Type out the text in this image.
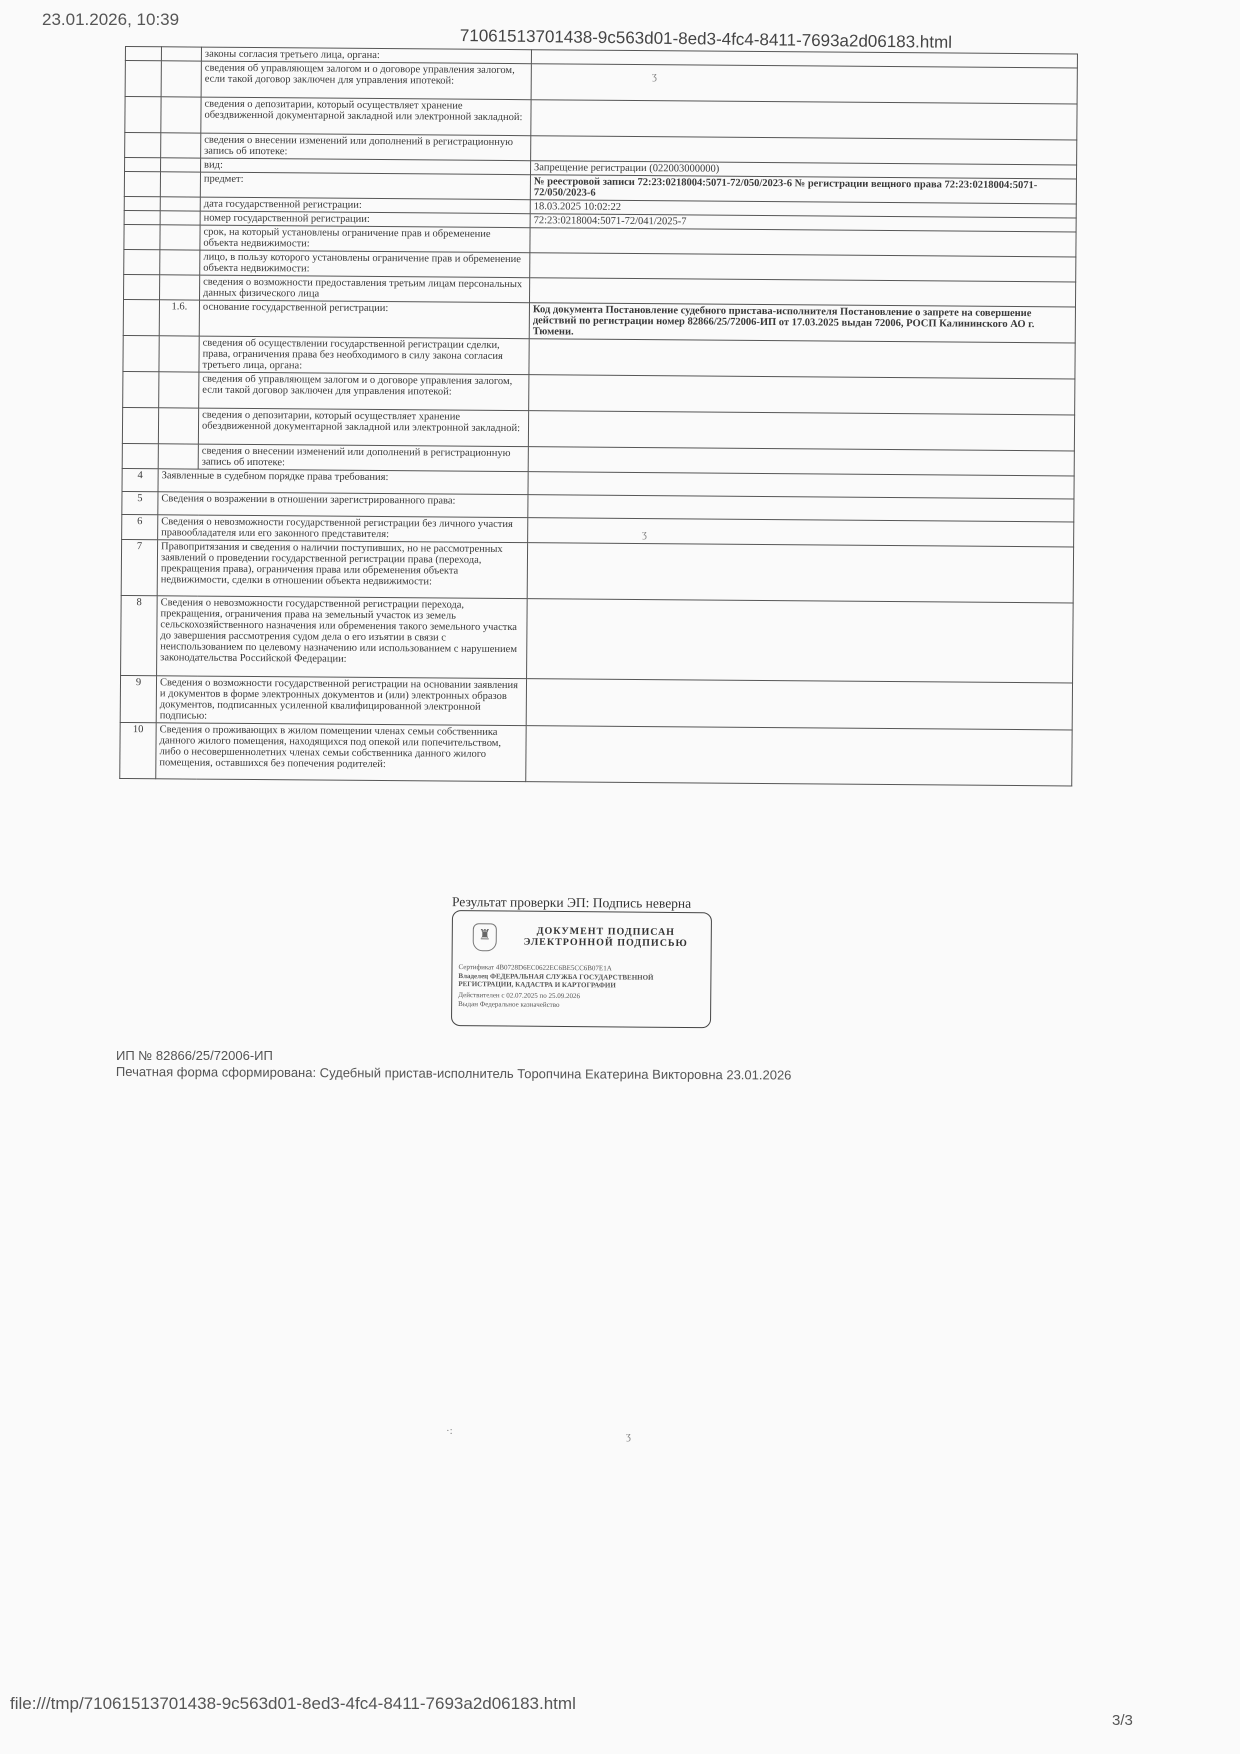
23.01.2026, 10:39
71061513701438-9c563d01-8ed3-4fc4-8411-7693a2d06183.html
		законы согласия третьего лица, органа:	
		сведения об управляющем залогом и о договоре управления залогом, если такой договор заключен для управления ипотекой:	
		сведения о депозитарии, который осуществляет хранение обездвиженной документарной закладной или электронной закладной:	
		сведения о внесении изменений или дополнений в регистрационную запись об ипотеке:	
		вид:	Запрещение регистрации (022003000000)
		предмет:	№ реестровой записи 72:23:0218004:5071-72/050/2023-6 № регистрации вещного права 72:23:0218004:5071-72/050/2023-6
		дата государственной регистрации:	18.03.2025 10:02:22
		номер государственной регистрации:	72:23:0218004:5071-72/041/2025-7
		срок, на который установлены ограничение прав и обременение объекта недвижимости:	
		лицо, в пользу которого установлены ограничение прав и обременение объекта недвижимости:	
		сведения о возможности предоставления третьим лицам персональных данных физического лица	
	1.6.	основание государственной регистрации:	Код документа Постановление судебного пристава-исполнителя Постановление о запрете на совершение действий по регистрации номер 82866/25/72006-ИП от 17.03.2025 выдан 72006, РОСП Калининского АО г. Тюмени.
		сведения об осуществлении государственной регистрации сделки, права, ограничения права без необходимого в силу закона согласия третьего лица, органа:	
		сведения об управляющем залогом и о договоре управления залогом, если такой договор заключен для управления ипотекой:	
		сведения о депозитарии, который осуществляет хранение обездвиженной документарной закладной или электронной закладной:	
		сведения о внесении изменений или дополнений в регистрационную запись об ипотеке:	
4	Заявленные в судебном порядке права требования:		
5	Сведения о возражении в отношении зарегистрированного права:		
6	Сведения о невозможности государственной регистрации без личного участия правообладателя или его законного представителя:		
7	Правопритязания и сведения о наличии поступивших, но не рассмотренных заявлений о проведении государственной регистрации права (перехода, прекращения права), ограничения права или обременения объекта недвижимости, сделки в отношении объекта недвижимости:		
8	Сведения о невозможности государственной регистрации перехода, прекращения, ограничения права на земельный участок из земель сельскохозяйственного назначения или обременения такого земельного участка до завершения рассмотрения судом дела о его изъятии в связи с неиспользованием по целевому назначению или использованием с нарушением законодательства Российской Федерации:		
9	Сведения о возможности государственной регистрации на основании заявления и документов в форме электронных документов и (или) электронных образов документов, подписанных усиленной квалифицированной электронной подписью:		
10	Сведения о проживающих в жилом помещении членах семьи собственника данного жилого помещения, находящихся под опекой или попечительством, либо о несовершеннолетних членах семьи собственника данного жилого помещения, оставшихся без попечения родителей:		
Результат проверки ЭП: Подпись неверна
♜	ДОКУМЕНТ ПОДПИСАН ЭЛЕКТРОННОЙ ПОДПИСЬЮ
Сертификат 4B0728D6EC0622EC6BE5CC6B07E1A
Владелец ФЕДЕРАЛЬНАЯ СЛУЖБА ГОСУДАРСТВЕННОЙ РЕГИСТРАЦИИ, КАДАСТРА И КАРТОГРАФИИ
Действителен с 02.07.2025 по 25.09.2026
Выдан Федеральное казначейство
ИП № 82866/25/72006-ИП
Печатная форма сформирована: Судебный пристав-исполнитель Торопчина Екатерина Викторовна 23.01.2026
file:///tmp/71061513701438-9c563d01-8ed3-4fc4-8411-7693a2d06183.html
3/3
ʒ
ʒ
·:	ʒ
